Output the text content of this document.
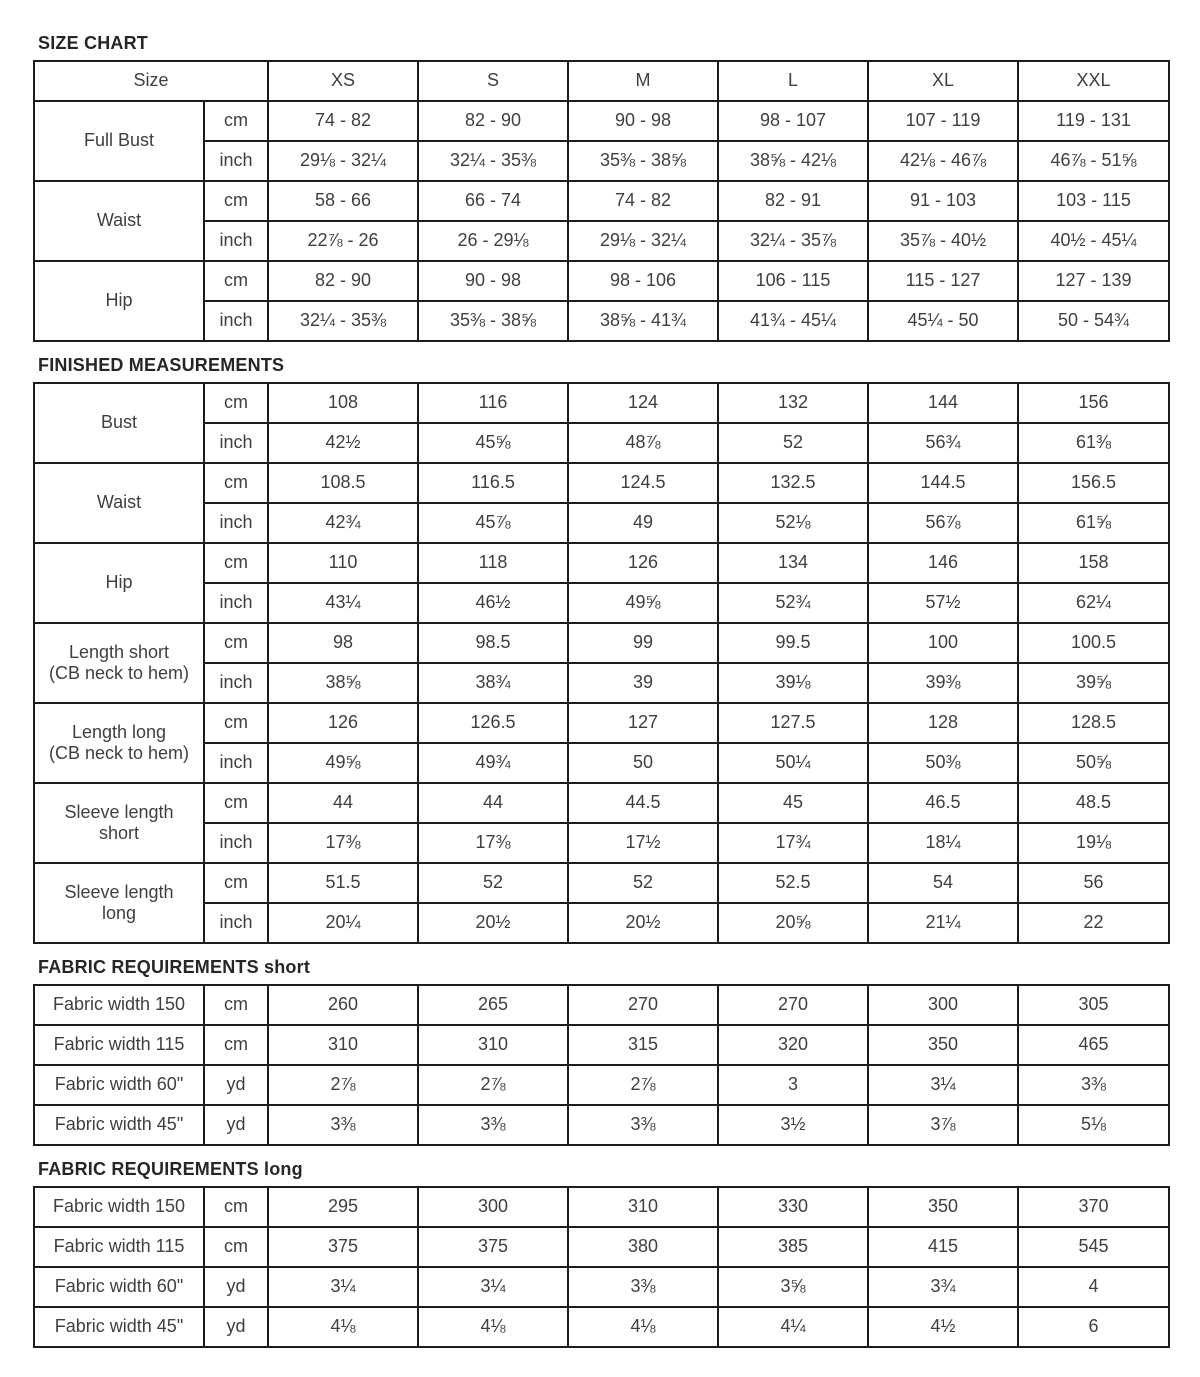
SIZE CHART
Size		XS	S	M	L	XL	XXL
Full Bust	cm	74 - 82	82 - 90	90 - 98	98 - 107	107 - 119	119 - 131
	inch	29⅛ - 32¼	32¼ - 35⅜	35⅜ - 38⅝	38⅝ - 42⅛	42⅛ - 46⅞	46⅞ - 51⅝
Waist	cm	58 - 66	66 - 74	74 - 82	82 - 91	91 - 103	103 - 115
	inch	22⅞ - 26	26 - 29⅛	29⅛ - 32¼	32¼ - 35⅞	35⅞ - 40½	40½ - 45¼
Hip	cm	82 - 90	90 - 98	98 - 106	106 - 115	115 - 127	127 - 139
	inch	32¼ - 35⅜	35⅜ - 38⅝	38⅝ - 41¾	41¾ - 45¼	45¼ - 50	50 - 54¾
FINISHED MEASUREMENTS
Bust	cm	108	116	124	132	144	156
	inch	42½	45⅝	48⅞	52	56¾	61⅜
Waist	cm	108.5	116.5	124.5	132.5	144.5	156.5
	inch	42¾	45⅞	49	52⅛	56⅞	61⅝
Hip	cm	110	118	126	134	146	158
	inch	43¼	46½	49⅝	52¾	57½	62¼
Length short
(CB neck to hem)	cm	98	98.5	99	99.5	100	100.5
	inch	38⅝	38¾	39	39⅛	39⅜	39⅝
Length long
(CB neck to hem)	cm	126	126.5	127	127.5	128	128.5
	inch	49⅝	49¾	50	50¼	50⅜	50⅝
Sleeve length
short	cm	44	44	44.5	45	46.5	48.5
	inch	17⅜	17⅜	17½	17¾	18¼	19⅛
Sleeve length
long	cm	51.5	52	52	52.5	54	56
	inch	20¼	20½	20½	20⅝	21¼	22
FABRIC REQUIREMENTS short
Fabric width 150	cm	260	265	270	270	300	305
Fabric width 115	cm	310	310	315	320	350	465
Fabric width 60"	yd	2⅞	2⅞	2⅞	3	3¼	3⅜
Fabric width 45"	yd	3⅜	3⅜	3⅜	3½	3⅞	5⅛
FABRIC REQUIREMENTS long
Fabric width 150	cm	295	300	310	330	350	370
Fabric width 115	cm	375	375	380	385	415	545
Fabric width 60"	yd	3¼	3¼	3⅜	3⅝	3¾	4
Fabric width 45"	yd	4⅛	4⅛	4⅛	4¼	4½	6
